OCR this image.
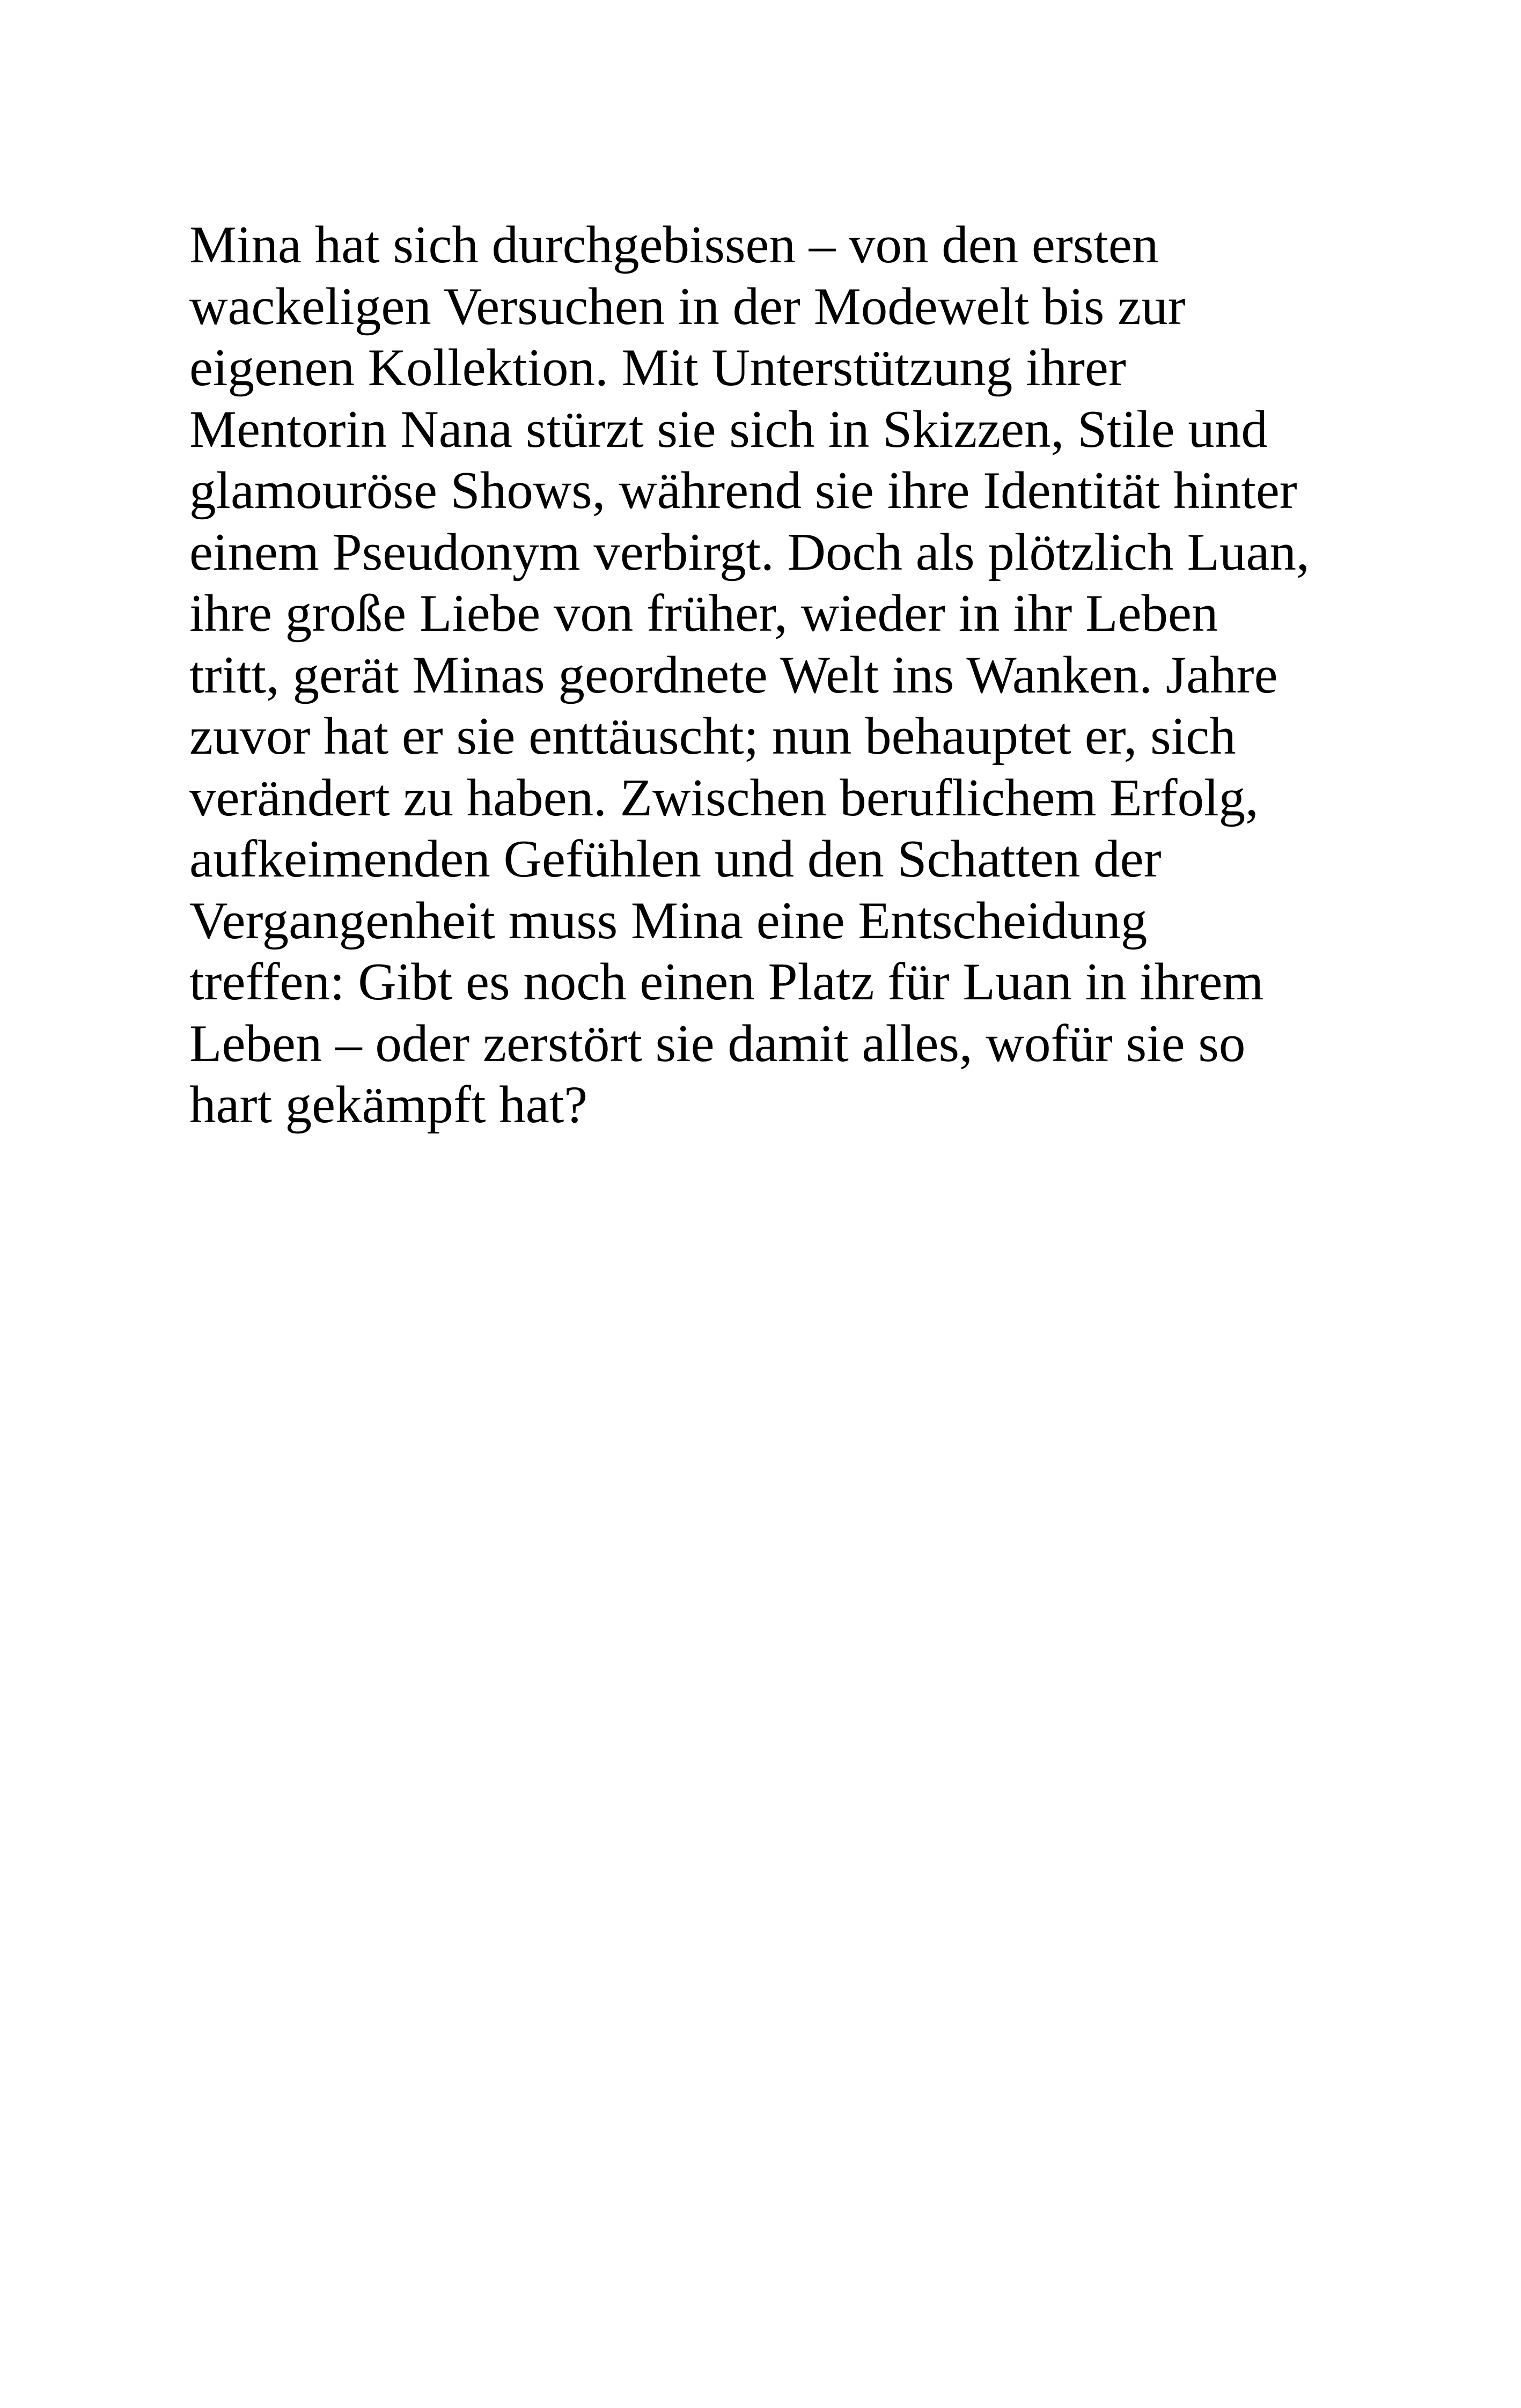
Mina hat sich durchgebissen – von den ersten
wackeligen Versuchen in der Modewelt bis zur
eigenen Kollektion. Mit Unterstützung ihrer
Mentorin Nana stürzt sie sich in Skizzen, Stile und
glamouröse Shows, während sie ihre Identität hinter
einem Pseudonym verbirgt. Doch als plötzlich Luan,
ihre große Liebe von früher, wieder in ihr Leben
tritt, gerät Minas geordnete Welt ins Wanken. Jahre
zuvor hat er sie enttäuscht; nun behauptet er, sich
verändert zu haben. Zwischen beruflichem Erfolg,
aufkeimenden Gefühlen und den Schatten der
Vergangenheit muss Mina eine Entscheidung
treffen: Gibt es noch einen Platz für Luan in ihrem
Leben – oder zerstört sie damit alles, wofür sie so
hart gekämpft hat?
